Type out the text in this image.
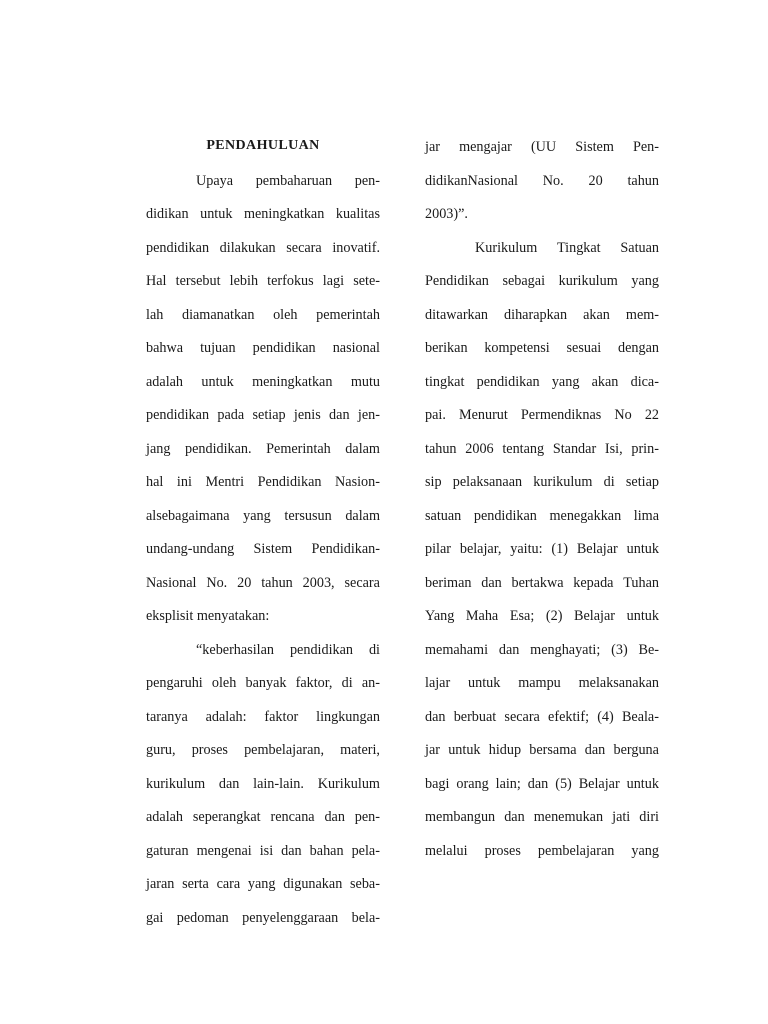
PENDAHULUAN
Upaya pembaharuan pen-
didikan untuk meningkatkan kualitas
pendidikan dilakukan secara inovatif.
Hal tersebut lebih terfokus lagi sete-
lah diamanatkan oleh pemerintah
bahwa tujuan pendidikan nasional
adalah untuk meningkatkan mutu
pendidikan pada setiap jenis dan jen-
jang pendidikan. Pemerintah dalam
hal ini Mentri Pendidikan Nasion-
alsebagaimana yang tersusun dalam
undang-undang Sistem Pendidikan-
Nasional No. 20 tahun 2003, secara
eksplisit menyatakan:
“keberhasilan pendidikan di
pengaruhi oleh banyak faktor, di an-
taranya adalah: faktor lingkungan
guru, proses pembelajaran, materi,
kurikulum dan lain-lain. Kurikulum
adalah seperangkat rencana dan pen-
gaturan mengenai isi dan bahan pela-
jaran serta cara yang digunakan seba-
gai pedoman penyelenggaraan bela-
jar mengajar (UU Sistem Pen-
didikanNasional No. 20 tahun
2003)”.
Kurikulum Tingkat Satuan
Pendidikan sebagai kurikulum yang
ditawarkan diharapkan akan mem-
berikan kompetensi sesuai dengan
tingkat pendidikan yang akan dica-
pai. Menurut Permendiknas No 22
tahun 2006 tentang Standar Isi, prin-
sip pelaksanaan kurikulum di setiap
satuan pendidikan menegakkan lima
pilar belajar, yaitu: (1) Belajar untuk
beriman dan bertakwa kepada Tuhan
Yang Maha Esa; (2) Belajar untuk
memahami dan menghayati; (3) Be-
lajar untuk mampu melaksanakan
dan berbuat secara efektif; (4) Beala-
jar untuk hidup bersama dan berguna
bagi orang lain; dan (5) Belajar untuk
membangun dan menemukan jati diri
melalui proses pembelajaran yang
